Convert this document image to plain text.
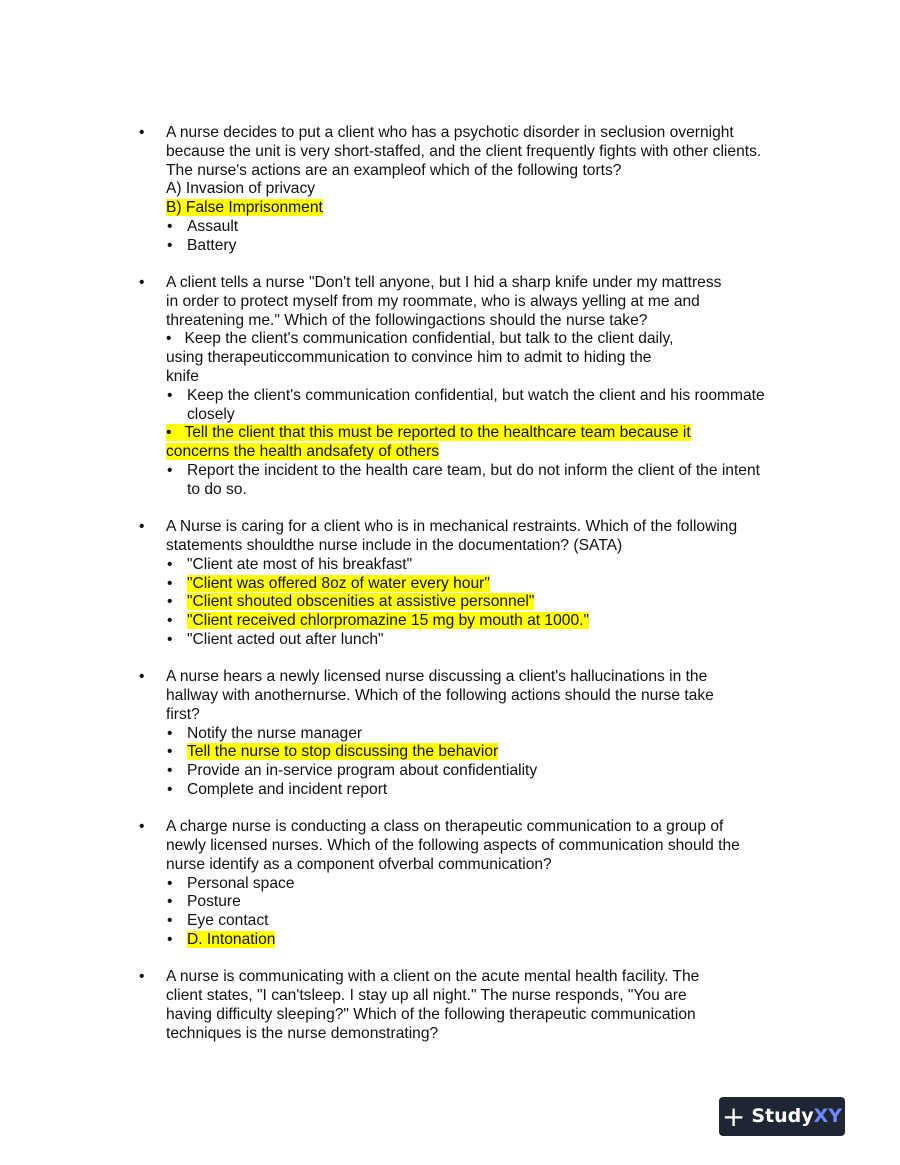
• A nurse decides to put a client who has a psychotic disorder in seclusion overnight
because the unit is very short-staffed, and the client frequently fights with other clients.
The nurse's actions are an exampleof which of the following torts?
A) Invasion of privacy
B) False Imprisonment
• Assault
• Battery
• A client tells a nurse "Don't tell anyone, but I hid a sharp knife under my mattress
in order to protect myself from my roommate, who is always yelling at me and
threatening me." Which of the followingactions should the nurse take?
• Keep the client's communication confidential, but talk to the client daily,
using therapeuticcommunication to convince him to admit to hiding the
knife
• Keep the client's communication confidential, but watch the client and his roommate
closely
• Tell the client that this must be reported to the healthcare team because it
concerns the health andsafety of others
• Report the incident to the health care team, but do not inform the client of the intent
to do so.
• A Nurse is caring for a client who is in mechanical restraints. Which of the following
statements shouldthe nurse include in the documentation? (SATA)
• "Client ate most of his breakfast"
• "Client was offered 8oz of water every hour"
• "Client shouted obscenities at assistive personnel"
• "Client received chlorpromazine 15 mg by mouth at 1000."
• "Client acted out after lunch"
• A nurse hears a newly licensed nurse discussing a client's hallucinations in the
hallway with anothernurse. Which of the following actions should the nurse take
first?
• Notify the nurse manager
• Tell the nurse to stop discussing the behavior
• Provide an in-service program about confidentiality
• Complete and incident report
• A charge nurse is conducting a class on therapeutic communication to a group of
newly licensed nurses. Which of the following aspects of communication should the
nurse identify as a component ofverbal communication?
• Personal space
• Posture
• Eye contact
• D. Intonation
• A nurse is communicating with a client on the acute mental health facility. The
client states, "I can'tsleep. I stay up all night." The nurse responds, "You are
having difficulty sleeping?" Which of the following therapeutic communication
techniques is the nurse demonstrating?
+ Study XY
